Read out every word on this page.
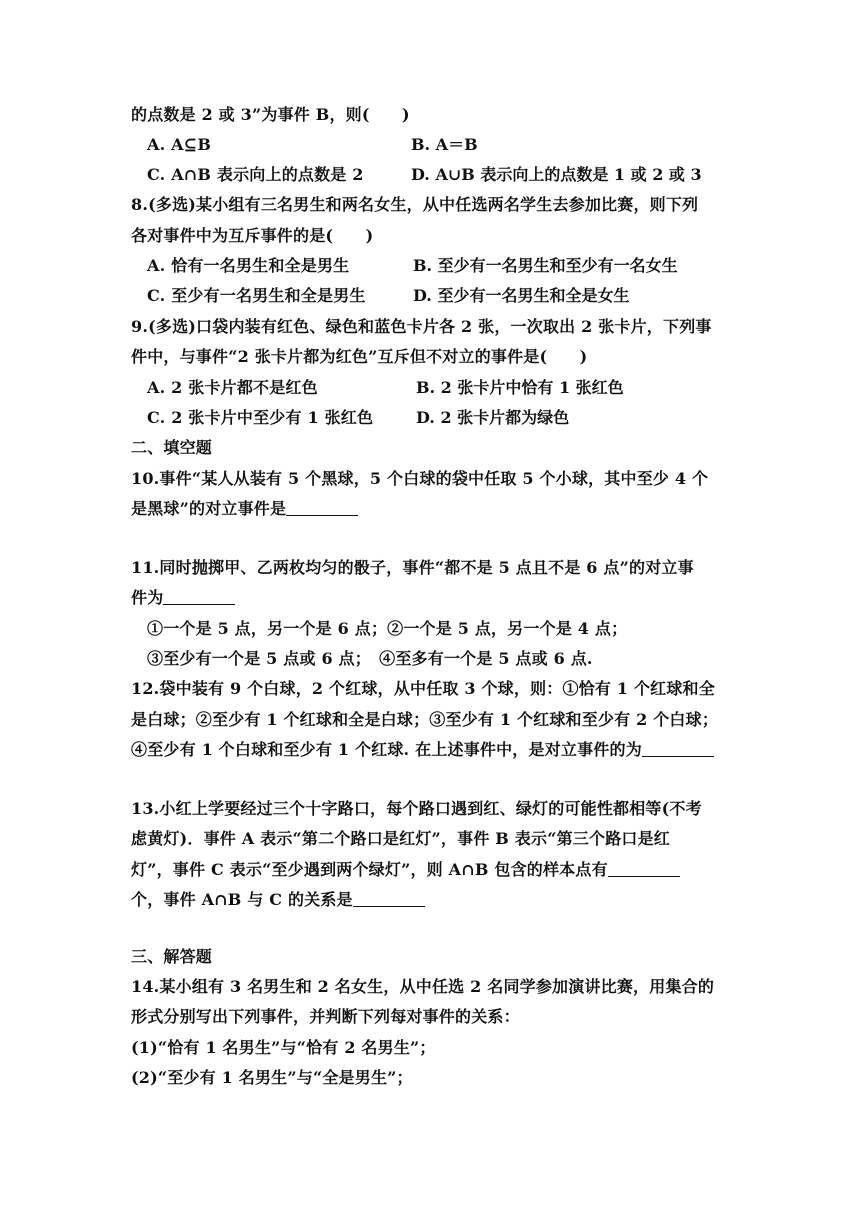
的点数是 2 或 3”为事件 B，则(　　)
A. A⊆B	B. A＝B
C. A∩B 表示向上的点数是 2	D. A∪B 表示向上的点数是 1 或 2 或 3
8.(多选)某小组有三名男生和两名女生，从中任选两名学生去参加比赛，则下列
各对事件中为互斥事件的是(　　)
A. 恰有一名男生和全是男生	B. 至少有一名男生和至少有一名女生
C. 至少有一名男生和全是男生	D. 至少有一名男生和全是女生
9.(多选)口袋内装有红色、绿色和蓝色卡片各 2 张，一次取出 2 张卡片，下列事
件中，与事件“2 张卡片都为红色”互斥但不对立的事件是(　　)
A. 2 张卡片都不是红色	B. 2 张卡片中恰有 1 张红色
C. 2 张卡片中至少有 1 张红色	D. 2 张卡片都为绿色
二、填空题
10.事件“某人从装有 5 个黑球，5 个白球的袋中任取 5 个小球，其中至少 4 个
是黑球”的对立事件是
11.同时抛掷甲、乙两枚均匀的骰子，事件“都不是 5 点且不是 6 点”的对立事
件为
①一个是 5 点，另一个是 6 点；②一个是 5 点，另一个是 4 点；
③至少有一个是 5 点或 6 点；　④至多有一个是 5 点或 6 点.
12.袋中装有 9 个白球，2 个红球，从中任取 3 个球，则：①恰有 1 个红球和全
是白球；②至少有 1 个红球和全是白球；③至少有 1 个红球和至少有 2 个白球；
④至少有 1 个白球和至少有 1 个红球. 在上述事件中，是对立事件的为
13.小红上学要经过三个十字路口，每个路口遇到红、绿灯的可能性都相等(不考
虑黄灯)．事件 A 表示“第二个路口是红灯”，事件 B 表示“第三个路口是红
灯”，事件 C 表示“至少遇到两个绿灯”，则 A∩B 包含的样本点有
个，事件 A∩B 与 C 的关系是
三、解答题
14.某小组有 3 名男生和 2 名女生，从中任选 2 名同学参加演讲比赛，用集合的
形式分别写出下列事件，并判断下列每对事件的关系：
(1)“恰有 1 名男生”与“恰有 2 名男生”；
(2)“至少有 1 名男生”与“全是男生”；
